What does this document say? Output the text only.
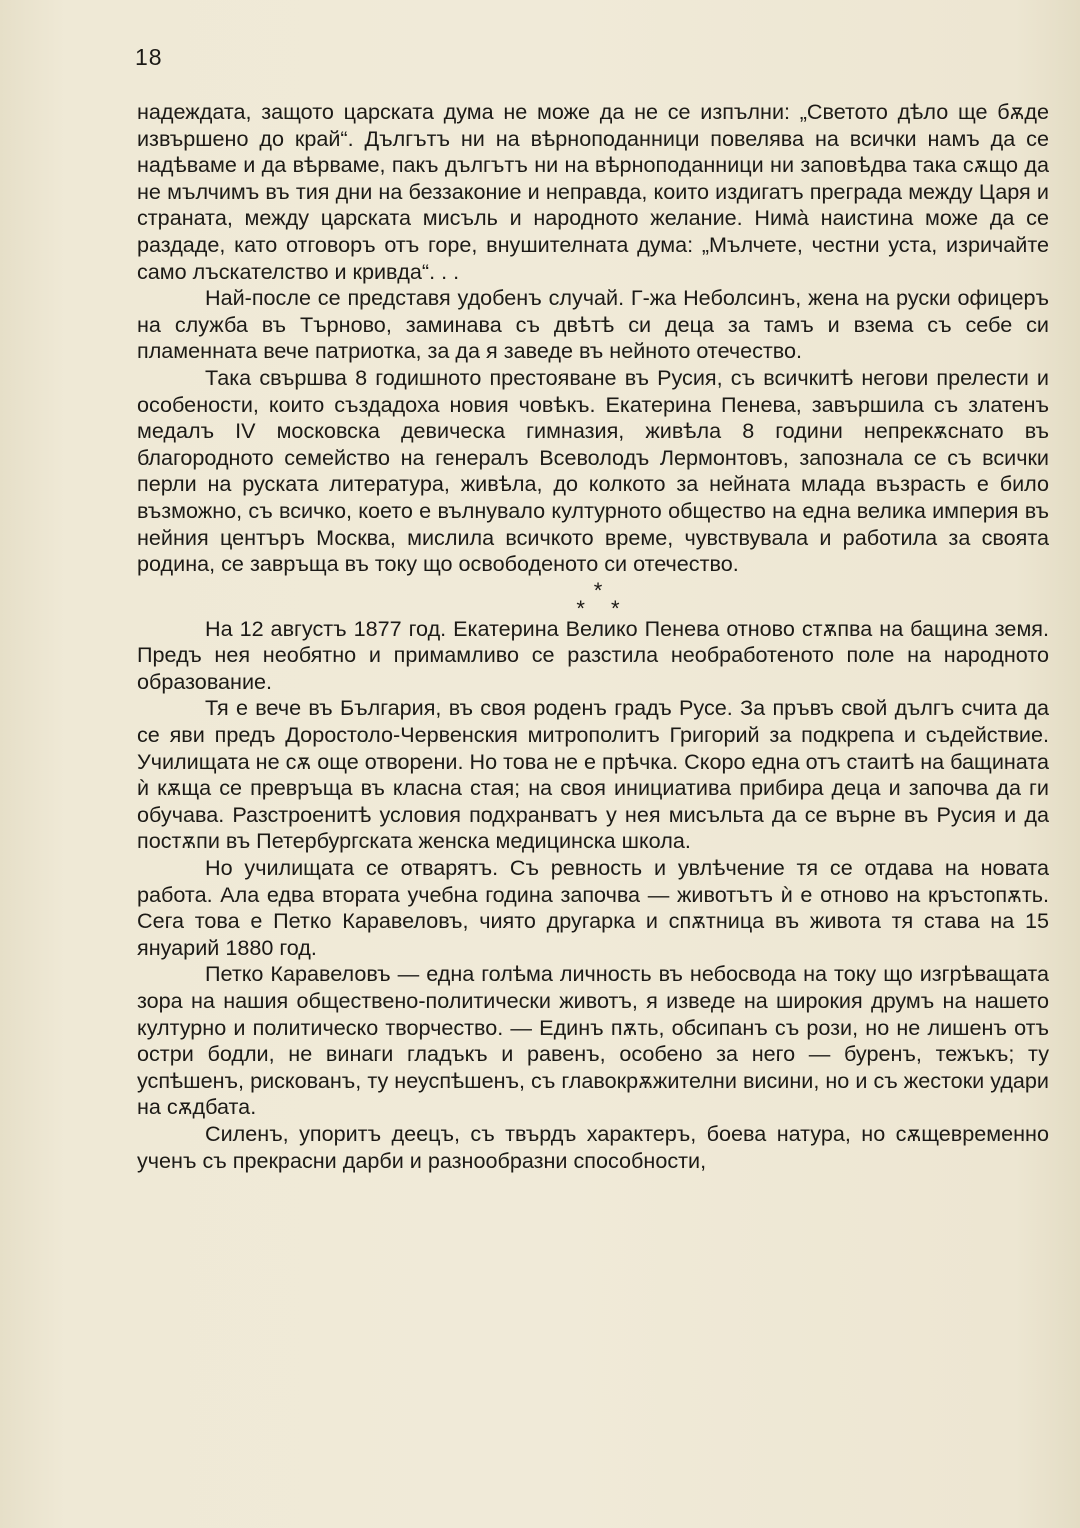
18

надеждата, защото царската дума не може да не се изпълни: „Светото дѣло ще бѫде извършено до край“. Дългътъ ни на вѣрноподанници повелява на всички намъ да се надѣваме и да вѣрваме, пакъ дългътъ ни на вѣрноподанници ни заповѣдва така сѫщо да не мълчимъ въ тия дни на беззаконие и неправда, които издигатъ преграда между Царя и страната, между царската мисъль и народното желание. Нима̀ наистина може да се раздаде, като отговоръ отъ горе, внушителната дума: „Мълчете, честни уста, изричайте само лъскателство и кривда“. . .

Най-после се представя удобенъ случай. Г-жа Неболсинъ, жена на руски офицеръ на служба въ Търново, заминава съ двѣтѣ си деца за тамъ и взема съ себе си пламенната вече патриотка, за да я заведе въ нейното отечество.

Така свършва 8 годишното престояване въ Русия, съ всичкитѣ негови прелести и особености, които създадоха новия човѣкъ. Екатерина Пенева, завършила съ златенъ медалъ IV московска девическа гимназия, живѣла 8 години непрекѫснато въ благородното семейство на генералъ Всеволодъ Лермонтовъ, запознала се съ всички перли на руската литература, живѣла, до колкото за нейната млада възрасть е било възможно, съ всичко, което е вълнувало културното общество на една велика империя въ нейния центъръ Москва, мислила всичкото време, чувствувала и работила за своята родина, се завръща въ току що освободеното си отечество.

*
* *

На 12 августъ 1877 год. Екатерина Велико Пенева отново стѫпва на бащина земя. Предъ нея необятно и примамливо се разстила необработеното поле на народното образование.

Тя е вече въ България, въ своя роденъ градъ Русе. За пръвъ свой дългъ счита да се яви предъ Доростоло-Червенския митрополитъ Григорий за подкрепа и съдействие. Училищата не сѫ още отворени. Но това не е прѣчка. Скоро една отъ стаитѣ на бащината ѝ кѫща се превръща въ класна стая; на своя инициатива прибира деца и започва да ги обучава. Разстроенитѣ условия подхранватъ у нея мисъльта да се върне въ Русия и да постѫпи въ Петербургската женска медицинска школа.

Но училищата се отварятъ. Съ ревность и увлѣчение тя се отдава на новата работа. Ала едва втората учебна година започва — животътъ ѝ е отново на кръстопѫть. Сега това е Петко Каравеловъ, чиято другарка и спѫтница въ живота тя става на 15 януарий 1880 год.

Петко Каравеловъ — една голѣма личность въ небосвода на току що изгрѣващата зора на нашия обществено-политически животъ, я изведе на широкия друмъ на нашето културно и политическо творчество. — Единъ пѫть, обсипанъ съ рози, но не лишенъ отъ остри бодли, не винаги гладъкъ и равенъ, особено за него — буренъ, тежъкъ; ту успѣшенъ, рискованъ, ту неуспѣшенъ, съ главокрѫжителни висини, но и съ жестоки удари на сѫдбата.

Силенъ, упоритъ деецъ, съ твърдъ характеръ, боева натура, но сѫщевременно ученъ съ прекрасни дарби и разнообразни способности,
